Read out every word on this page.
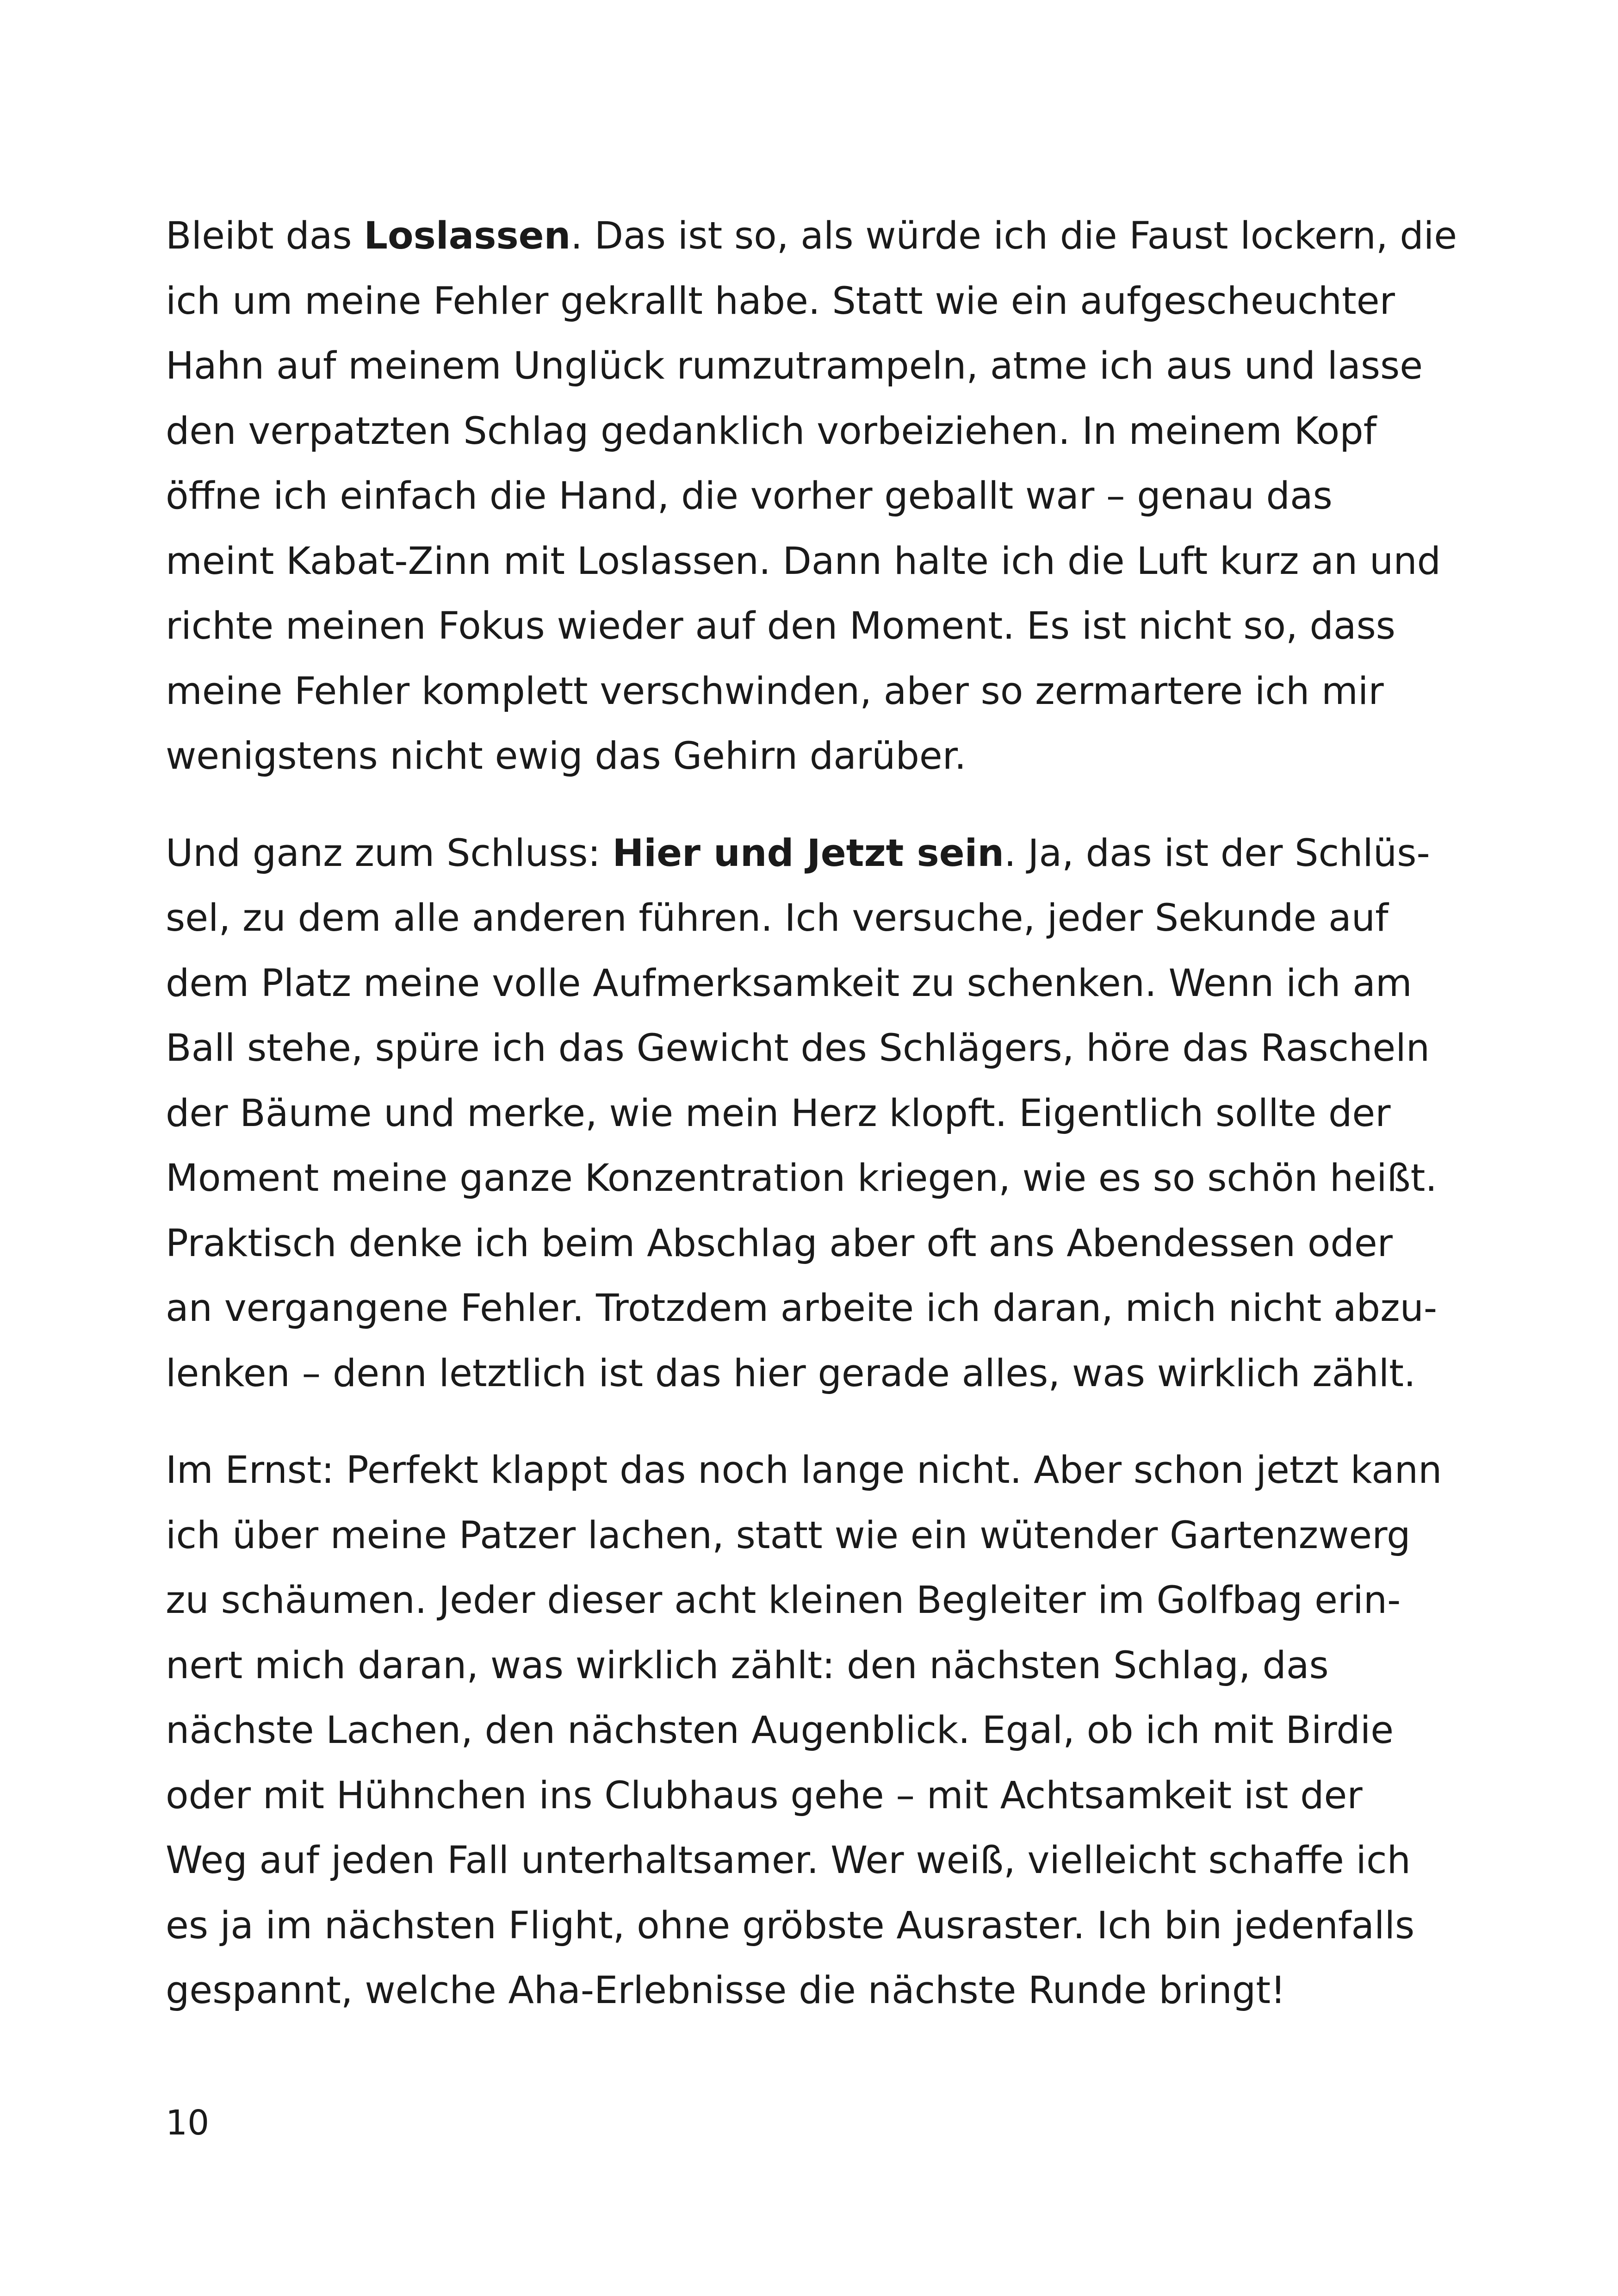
Bleibt das Loslassen. Das ist so, als würde ich die Faust lockern, die
ich um meine Fehler gekrallt habe. Statt wie ein aufgescheuchter
Hahn auf meinem Unglück rumzutrampeln, atme ich aus und lasse
den verpatzten Schlag gedanklich vorbeiziehen. In meinem Kopf
öffne ich einfach die Hand, die vorher geballt war – genau das
meint Kabat-Zinn mit Loslassen. Dann halte ich die Luft kurz an und
richte meinen Fokus wieder auf den Moment. Es ist nicht so, dass
meine Fehler komplett verschwinden, aber so zermartere ich mir
wenigstens nicht ewig das Gehirn darüber.

Und ganz zum Schluss: Hier und Jetzt sein. Ja, das ist der Schlüs-
sel, zu dem alle anderen führen. Ich versuche, jeder Sekunde auf
dem Platz meine volle Aufmerksamkeit zu schenken. Wenn ich am
Ball stehe, spüre ich das Gewicht des Schlägers, höre das Rascheln
der Bäume und merke, wie mein Herz klopft. Eigentlich sollte der
Moment meine ganze Konzentration kriegen, wie es so schön heißt.
Praktisch denke ich beim Abschlag aber oft ans Abendessen oder
an vergangene Fehler. Trotzdem arbeite ich daran, mich nicht abzu-
lenken – denn letztlich ist das hier gerade alles, was wirklich zählt.

Im Ernst: Perfekt klappt das noch lange nicht. Aber schon jetzt kann
ich über meine Patzer lachen, statt wie ein wütender Gartenzwerg
zu schäumen. Jeder dieser acht kleinen Begleiter im Golfbag erin-
nert mich daran, was wirklich zählt: den nächsten Schlag, das
nächste Lachen, den nächsten Augenblick. Egal, ob ich mit Birdie
oder mit Hühnchen ins Clubhaus gehe – mit Achtsamkeit ist der
Weg auf jeden Fall unterhaltsamer. Wer weiß, vielleicht schaffe ich
es ja im nächsten Flight, ohne gröbste Ausraster. Ich bin jedenfalls
gespannt, welche Aha-Erlebnisse die nächste Runde bringt!

10
